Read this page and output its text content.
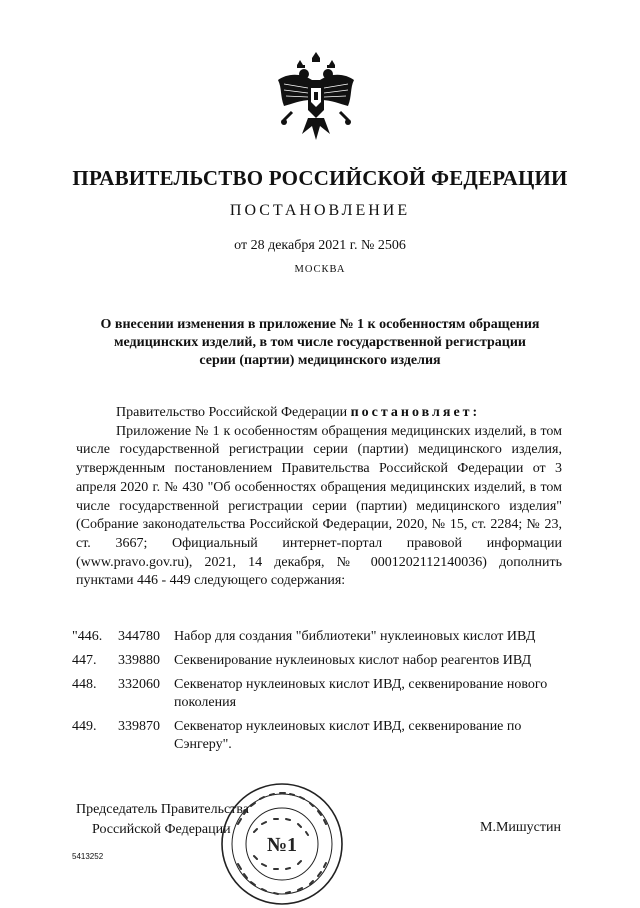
ПРАВИТЕЛЬСТВО РОССИЙСКОЙ ФЕДЕРАЦИИ
ПОСТАНОВЛЕНИЕ
от 28 декабря 2021 г. № 2506
МОСКВА
О внесении изменения в приложение № 1 к особенностям обращения
медицинских изделий, в том числе государственной регистрации
серии (партии) медицинского изделия

Правительство Российской Федерации постановляет:

Приложение № 1 к особенностям обращения медицинских изделий, в том числе государственной регистрации серии (партии) медицинского изделия, утвержденным постановлением Правительства Российской Федерации от 3 апреля 2020 г. № 430 "Об особенностях обращения медицинских изделий, в том числе государственной регистрации серии (партии) медицинского изделия" (Собрание законодательства Российской Федерации, 2020, № 15, ст. 2284; № 23, ст. 3667; Официальный интернет-портал правовой информации (www.pravo.gov.ru), 2021, 14 декабря, № 0001202112140036) дополнить пунктами 446 - 449 следующего содержания:

"446.	344780	Набор для создания "библиотеки" нуклеиновых кислот ИВД
447.	339880	Секвенирование нуклеиновых кислот набор реагентов ИВД
448.	332060	Секвенатор нуклеиновых кислот ИВД, секвенирование нового поколения
449.	339870	Секвенатор нуклеиновых кислот ИВД, секвенирование по Сэнгеру".
Председатель Правительства
Российской Федерации
№1
М.Мишустин
5413252
